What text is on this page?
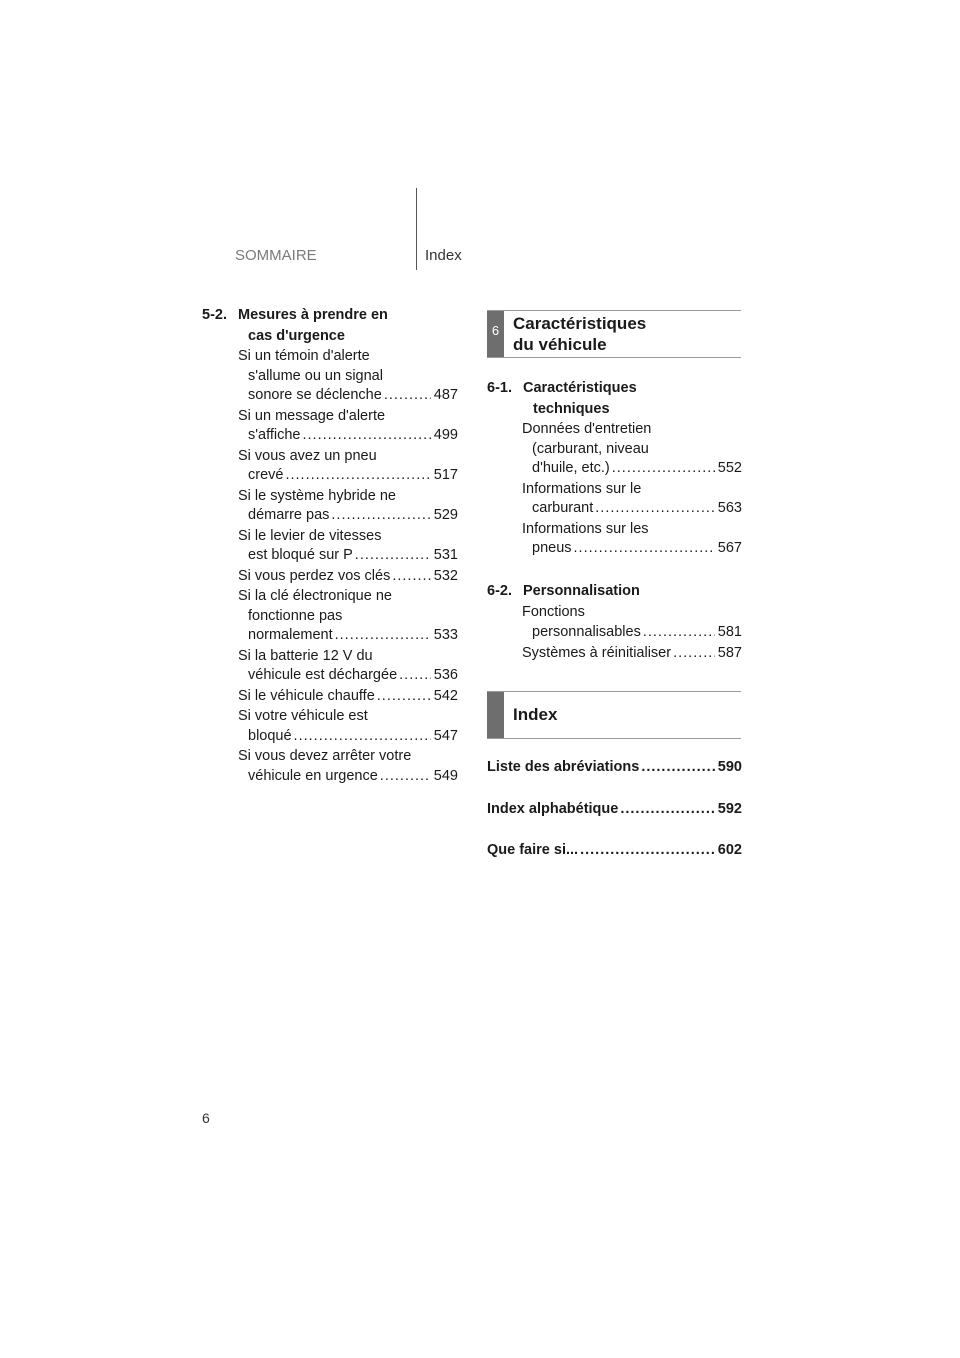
SOMMAIRE	Index
5-2. Mesures à prendre en
cas d'urgence
Si un témoin d'alerte
s'allume ou un signal
sonore se déclenche .....	487
Si un message d'alerte
s'affiche .....	499
Si vous avez un pneu
crevé .....	517
Si le système hybride ne
démarre pas .....	529
Si le levier de vitesses
est bloqué sur P .....	531
Si vous perdez vos clés .....	532
Si la clé électronique ne
fonctionne pas
normalement .....	533
Si la batterie 12 V du
véhicule est déchargée .....	536
Si le véhicule chauffe .....	542
Si votre véhicule est
bloqué .....	547
Si vous devez arrêter votre
véhicule en urgence .....	549
6 Caractéristiques
du véhicule
6-1. Caractéristiques
techniques
Données d'entretien
(carburant, niveau
d'huile, etc.) .....	552
Informations sur le
carburant .....	563
Informations sur les
pneus .....	567
6-2. Personnalisation
Fonctions
personnalisables .....	581
Systèmes à réinitialiser .....	587
Index
Liste des abréviations .....	590
Index alphabétique .....	592
Que faire si... .....	602
6
